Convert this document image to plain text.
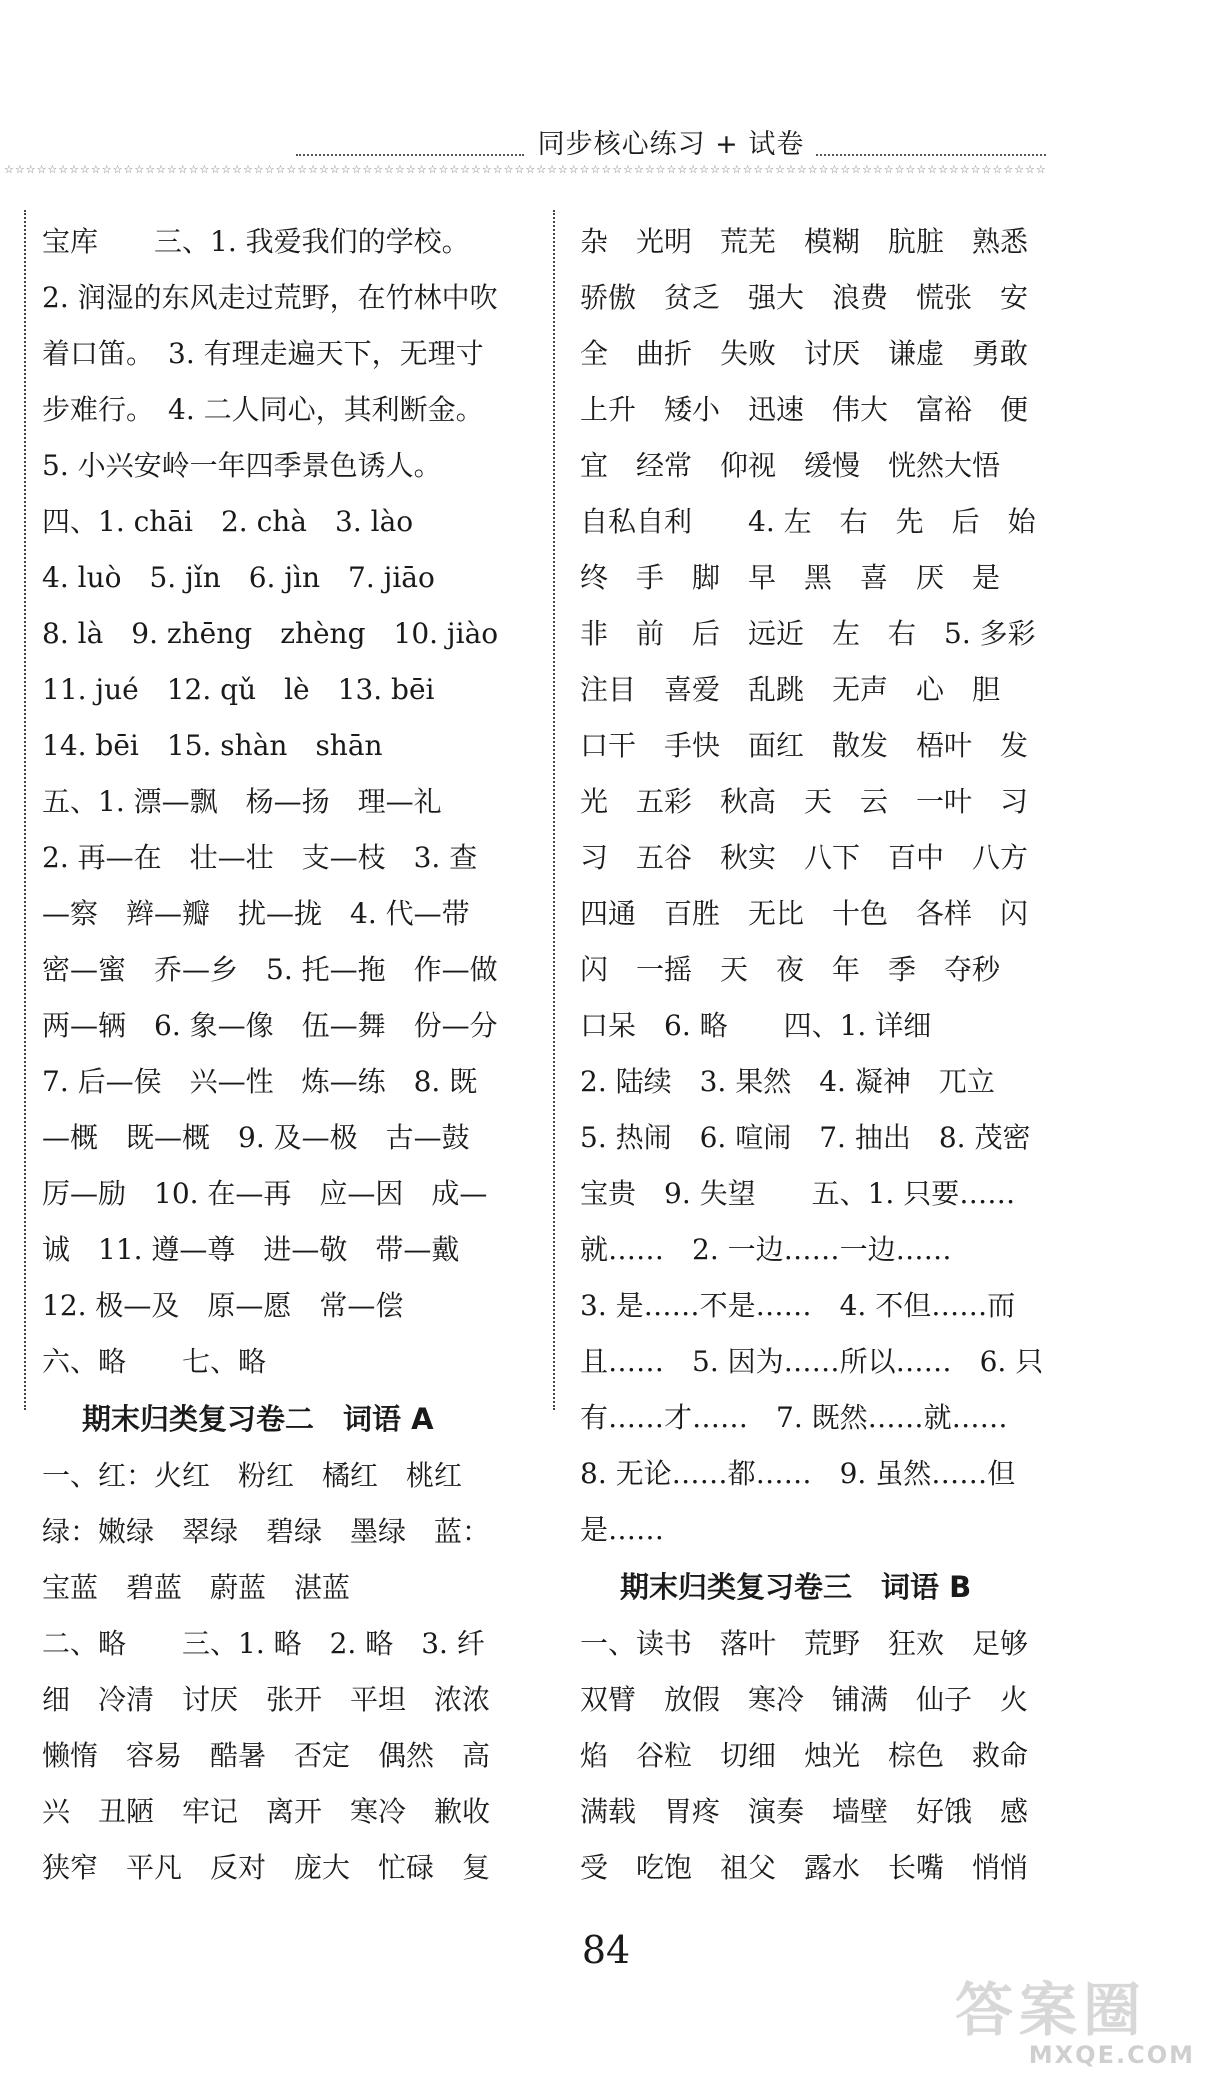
同步核心练习 + 试卷
☆☆☆☆☆☆☆☆☆☆☆☆☆☆☆☆☆☆☆☆☆☆☆☆☆☆☆☆☆☆☆☆☆☆☆☆☆☆☆☆☆☆☆☆☆☆☆☆☆☆☆☆☆☆☆☆☆☆☆☆☆☆☆☆☆☆☆☆☆☆☆☆☆☆☆☆☆☆☆☆☆☆☆☆☆☆☆☆☆☆☆☆☆☆☆☆
宝库　　三、1. 我爱我们的学校。
2. 润湿的东风走过荒野，在竹林中吹
着口笛。　3. 有理走遍天下，无理寸
步难行。　4. 二人同心，其利断金。
5. 小兴安岭一年四季景色诱人。
四、1. chāi　2. chà　3. lào
4. luò　5. jǐn　6. jìn　7. jiāo
8. là　9. zhēng　zhèng　10. jiào
11. jué　12. qǔ　lè　13. bēi
14. bēi　15. shàn　shān
五、1. 漂—飘　杨—扬　理—礼
2. 再—在　壮—壮　支—枝　3. 查
—察　辫—瓣　扰—拢　4. 代—带
密—蜜　乔—乡　5. 托—拖　作—做
两—辆　6. 象—像　伍—舞　份—分
7. 后—侯　兴—性　炼—练　8. 既
—概　既—概　9. 及—极　古—鼓
厉—励　10. 在—再　应—因　成—
诚　11. 遵—尊　进—敬　带—戴
12. 极—及　原—愿　常—偿
六、略　　七、略
期末归类复习卷二　词语 A
一、红：火红　粉红　橘红　桃红
绿：嫩绿　翠绿　碧绿　墨绿　蓝：
宝蓝　碧蓝　蔚蓝　湛蓝
二、略　　三、1. 略　2. 略　3. 纤
细　冷清　讨厌　张开　平坦　浓浓
懒惰　容易　酷暑　否定　偶然　高
兴　丑陋　牢记　离开　寒冷　歉收
狭窄　平凡　反对　庞大　忙碌　复
杂　光明　荒芜　模糊　肮脏　熟悉
骄傲　贫乏　强大　浪费　慌张　安
全　曲折　失败　讨厌　谦虚　勇敢
上升　矮小　迅速　伟大　富裕　便
宜　经常　仰视　缓慢　恍然大悟
自私自利　　4. 左　右　先　后　始
终　手　脚　早　黑　喜　厌　是
非　前　后　远近　左　右　5. 多彩
注目　喜爱　乱跳　无声　心　胆
口干　手快　面红　散发　梧叶　发
光　五彩　秋高　天　云　一叶　习
习　五谷　秋实　八下　百中　八方
四通　百胜　无比　十色　各样　闪
闪　一摇　天　夜　年　季　夺秒
口呆　6. 略　　四、1. 详细
2. 陆续　3. 果然　4. 凝神　兀立
5. 热闹　6. 喧闹　7. 抽出　8. 茂密
宝贵　9. 失望　　五、1. 只要……
就……　2. 一边……一边……
3. 是……不是……　4. 不但……而
且……　5. 因为……所以……　6. 只
有……才……　7. 既然……就……
8. 无论……都……　9. 虽然……但
是……
期末归类复习卷三　词语 B
一、读书　落叶　荒野　狂欢　足够
双臂　放假　寒冷　铺满　仙子　火
焰　谷粒　切细　烛光　棕色　救命
满载　胃疼　演奏　墙壁　好饿　感
受　吃饱　祖父　露水　长嘴　悄悄
84
答案圈
MXQE.COM
